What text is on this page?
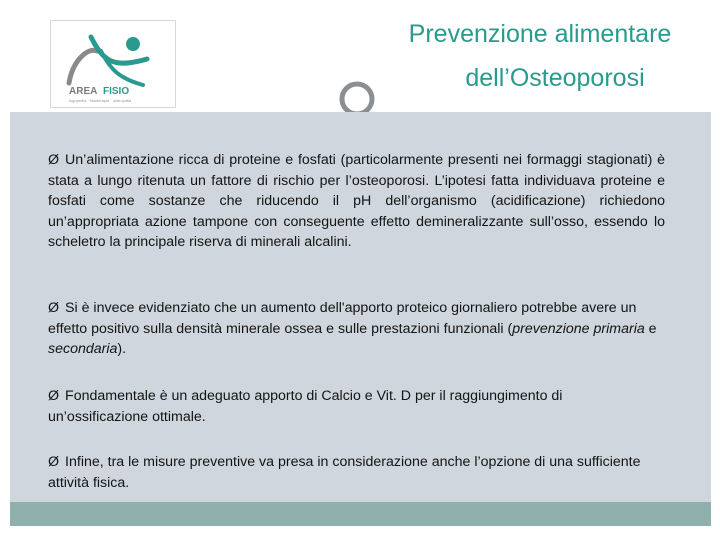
AREA FISIO
logopedia · fisioterapia · osteopatia
Prevenzione alimentare
dell’Osteoporosi
Ø Un’alimentazione ricca di proteine e fosfati (particolarmente presenti nei formaggi stagionati) è stata a lungo ritenuta un fattore di rischio per l’osteoporosi. L’ipotesi fatta individuava proteine e fosfati come sostanze che riducendo il pH dell’organismo (acidificazione) richiedono un’appropriata azione tampone con conseguente effetto demineralizzante sull’osso, essendo lo scheletro la principale riserva di minerali alcalini.
Ø Si è invece evidenziato che un aumento dell'apporto proteico giornaliero potrebbe avere un effetto positivo sulla densità minerale ossea e sulle prestazioni funzionali (prevenzione primaria e secondaria).
Ø Fondamentale è un adeguato apporto di Calcio e Vit. D per il raggiungimento di un’ossificazione ottimale.
Ø Infine, tra le misure preventive va presa in considerazione anche l’opzione di una sufficiente attività fisica.
